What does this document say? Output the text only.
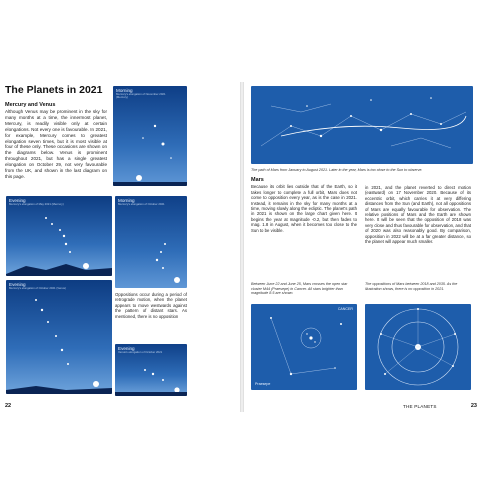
The Planets in 2021
Mercury and Venus
Although Venus may be prominent in the sky for many months at a time, the innermost planet, Mercury, is readily visible only at certain elongations. Not every one is favourable. In 2021, for example, Mercury comes to greatest elongation seven times, but it is most visible at four of these only. These occasions are shown on the diagrams below. Venus is prominent throughout 2021, but has a single greatest elongation on October 29, not very favourable from the UK, and shown in the last diagram on this page.
Morning
Mercury's elongation of November 2021 (Mercury)
Evening
Mercury's elongation of May 2021 (Mercury)
Morning
Mercury's elongation of October 2021
Evening
Mercury's elongation of October 2021 (Venus)
Oppositions occur during a period of retrograde motion, when the planet appears to move westwards against the pattern of distant stars. As mentioned, there is no opposition
Evening
Venus's elongation of October 2021
22
The path of Mars from January to August 2021. Later in the year, Mars is too close to the Sun to observe.
Mars
Because its orbit lies outside that of the Earth, so it takes longer to complete a full orbit, Mars does not come to opposition every year, as is the case in 2021. Instead, it remains in the sky for many months at a time, moving slowly along the ecliptic. The planet's path in 2021 is shown on the large chart given here. It begins the year at magnitude -0.2, but then fades to mag. 1.8 in August, when it becomes too close to the Sun to be visible.
in 2021, and the planet reverted to direct motion (eastward) on 17 November 2020. Because of its eccentric orbit, which carries it at very differing distances from the Sun (and Earth), not all oppositions of Mars are equally favourable for observation. The relative positions of Mars and the Earth are shown here. It will be seen that the opposition of 2018 was very close and thus favourable for observation, and that of 2020 was also reasonably good. By comparison, opposition in 2022 will be at a far greater distance, so the planet will appear much smaller.
Between June 22 and June 25, Mars crosses the open star cluster M44 (Praesepe) in Cancer. All stars brighter than magnitude 8.5 are shown.
CANCER
Praesepe
The oppositions of Mars between 2018 and 2035. As the illustration shows, there is no opposition in 2021.
THE PLANETS	23
